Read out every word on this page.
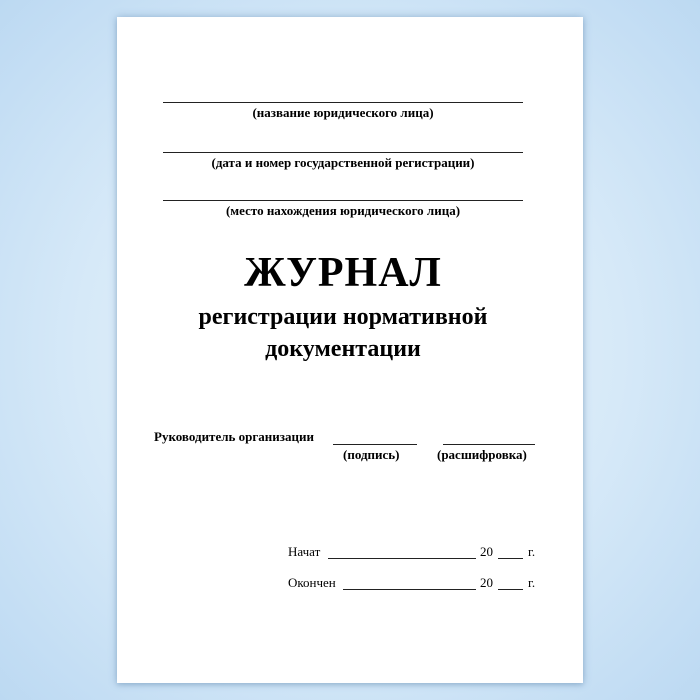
(название юридического лица)
(дата и номер государственной регистрации)
(место нахождения юридического лица)
ЖУРНАЛ
регистрации нормативной
документации
Руководитель организации
(подпись)	(расшифровка)
Начат	20	г.
Окончен	20	г.
